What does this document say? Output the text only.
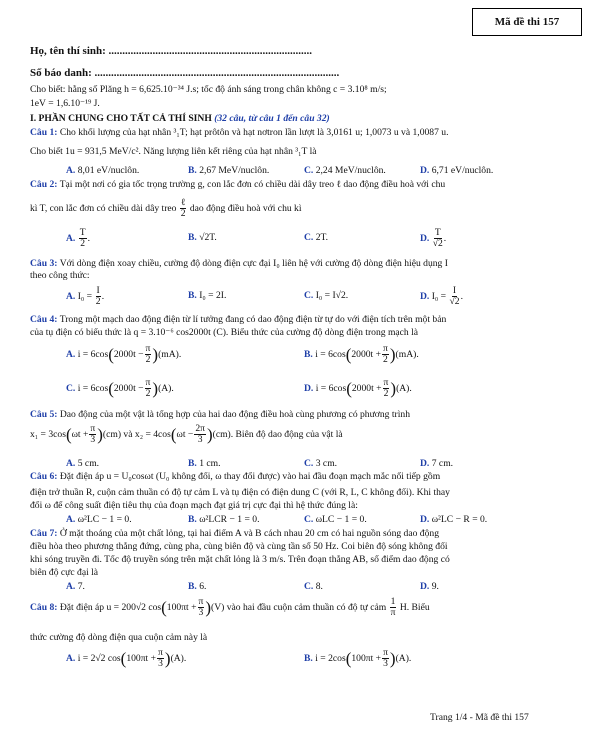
Mã đề thi 157
Họ, tên thí sinh: ..........................................................................
Số báo danh: .........................................................................................
Cho biết: hằng số Plăng h = 6,625.10⁻³⁴ J.s; tốc độ ánh sáng trong chân không c = 3.10⁸ m/s;
1eV = 1,6.10⁻¹⁹ J.
I. PHẦN CHUNG CHO TẤT CẢ THÍ SINH (32 câu, từ câu 1 đến câu 32)
Câu 1: Cho khối lượng của hạt nhân ³₁T; hạt prôtôn và hạt nơtron lần lượt là 3,0161 u; 1,0073 u và 1,0087 u.
Cho biết 1u = 931,5 MeV/c². Năng lượng liên kết riêng của hạt nhân ³₁T là
A. 8,01 eV/nuclôn.	B. 2,67 MeV/nuclôn.	C. 2,24 MeV/nuclôn.	D. 6,71 eV/nuclôn.
Câu 2: Tại một nơi có gia tốc trọng trường g, con lắc đơn có chiều dài dây treo ℓ dao động điều hoà với chu
kì T, con lắc đơn có chiều dài dây treo $\frac{\text{ℓ}}{2}$ dao động điều hoà với chu kì
A. $\frac{T}{2}$ .	B. √2T.	C. 2T.	D. $\frac{T}{√2}$ .
Câu 3: Với dòng điện xoay chiều, cường độ dòng điện cực đại I₀ liên hệ với cường độ dòng điện hiệu dụng I
theo công thức:
A. $I_0 = \frac{I}{2}$ .	B. I₀ = 2I.	C. I₀ = I√2.	D. $I_0 = \frac{I}{√2}$ .
Câu 4: Trong một mạch dao động điện từ lí tưởng đang có dao động điện từ tự do với điện tích trên một bản
của tụ điện có biểu thức là q = 3.10⁻⁶ cos2000t (C). Biểu thức của cường độ dòng điện trong mạch là
A. $i = 6\cos(2000t - \frac{\pi}{2} )(mA)$.	B. $i = 6\cos(2000t + \frac{\pi}{2} )(mA)$.
C. $i = 6\cos(2000t - \frac{\pi}{2} )(A)$.	D. $i = 6\cos(2000t + \frac{\pi}{2} )(A)$.
Câu 5: Dao động của một vật là tổng hợp của hai dao động điều hoà cùng phương có phương trình
$x_1 = 3\cos(\omega t + \frac{\pi}{3} )(cm)$ và $x_2 = 4\cos(\omega t - \frac{2\pi}{3} )(cm)$. Biên độ dao động của vật là
A. 5 cm.	B. 1 cm.	C. 3 cm.	D. 7 cm.
Câu 6: Đặt điện áp u = U₀cosωt (U₀ không đổi, ω thay đổi được) vào hai đầu đoạn mạch mắc nối tiếp gồm
điện trở thuần R, cuộn cảm thuần có độ tự cảm L và tụ điện có điện dung C (với R, L, C không đổi). Khi thay
đổi ω để công suất điện tiêu thụ của đoạn mạch đạt giá trị cực đại thì hệ thức đúng là:
A. ω²LC − 1 = 0.	B. ω²LCR − 1 = 0.	C. ωLC − 1 = 0.	D. ω²LC − R = 0.
Câu 7: Ở mặt thoáng của một chất lỏng, tại hai điểm A và B cách nhau 20 cm có hai nguồn sóng dao động
điều hòa theo phương thẳng đứng, cùng pha, cùng biên độ và cùng tần số 50 Hz. Coi biên độ sóng không đổi
khi sóng truyền đi. Tốc độ truyền sóng trên mặt chất lỏng là 3 m/s. Trên đoạn thẳng AB, số điểm dao động có
biên độ cực đại là
A. 7.	B. 6.	C. 8.	D. 9.
Câu 8: Đặt điện áp u = 200√2 $\cos(100\pi t + \frac{\pi}{3} )(V)$ vào hai đầu cuộn cảm thuần có độ tự cảm $\frac{1}{\pi} H$. Biểu
thức cường độ dòng điện qua cuộn cảm này là
A. i = 2√2 $\cos(100\pi t + \frac{\pi}{3} )(A)$.	B. $i = 2\cos(100\pi t + \frac{\pi}{3} )(A)$.
Trang 1/4 - Mã đề thi 157
